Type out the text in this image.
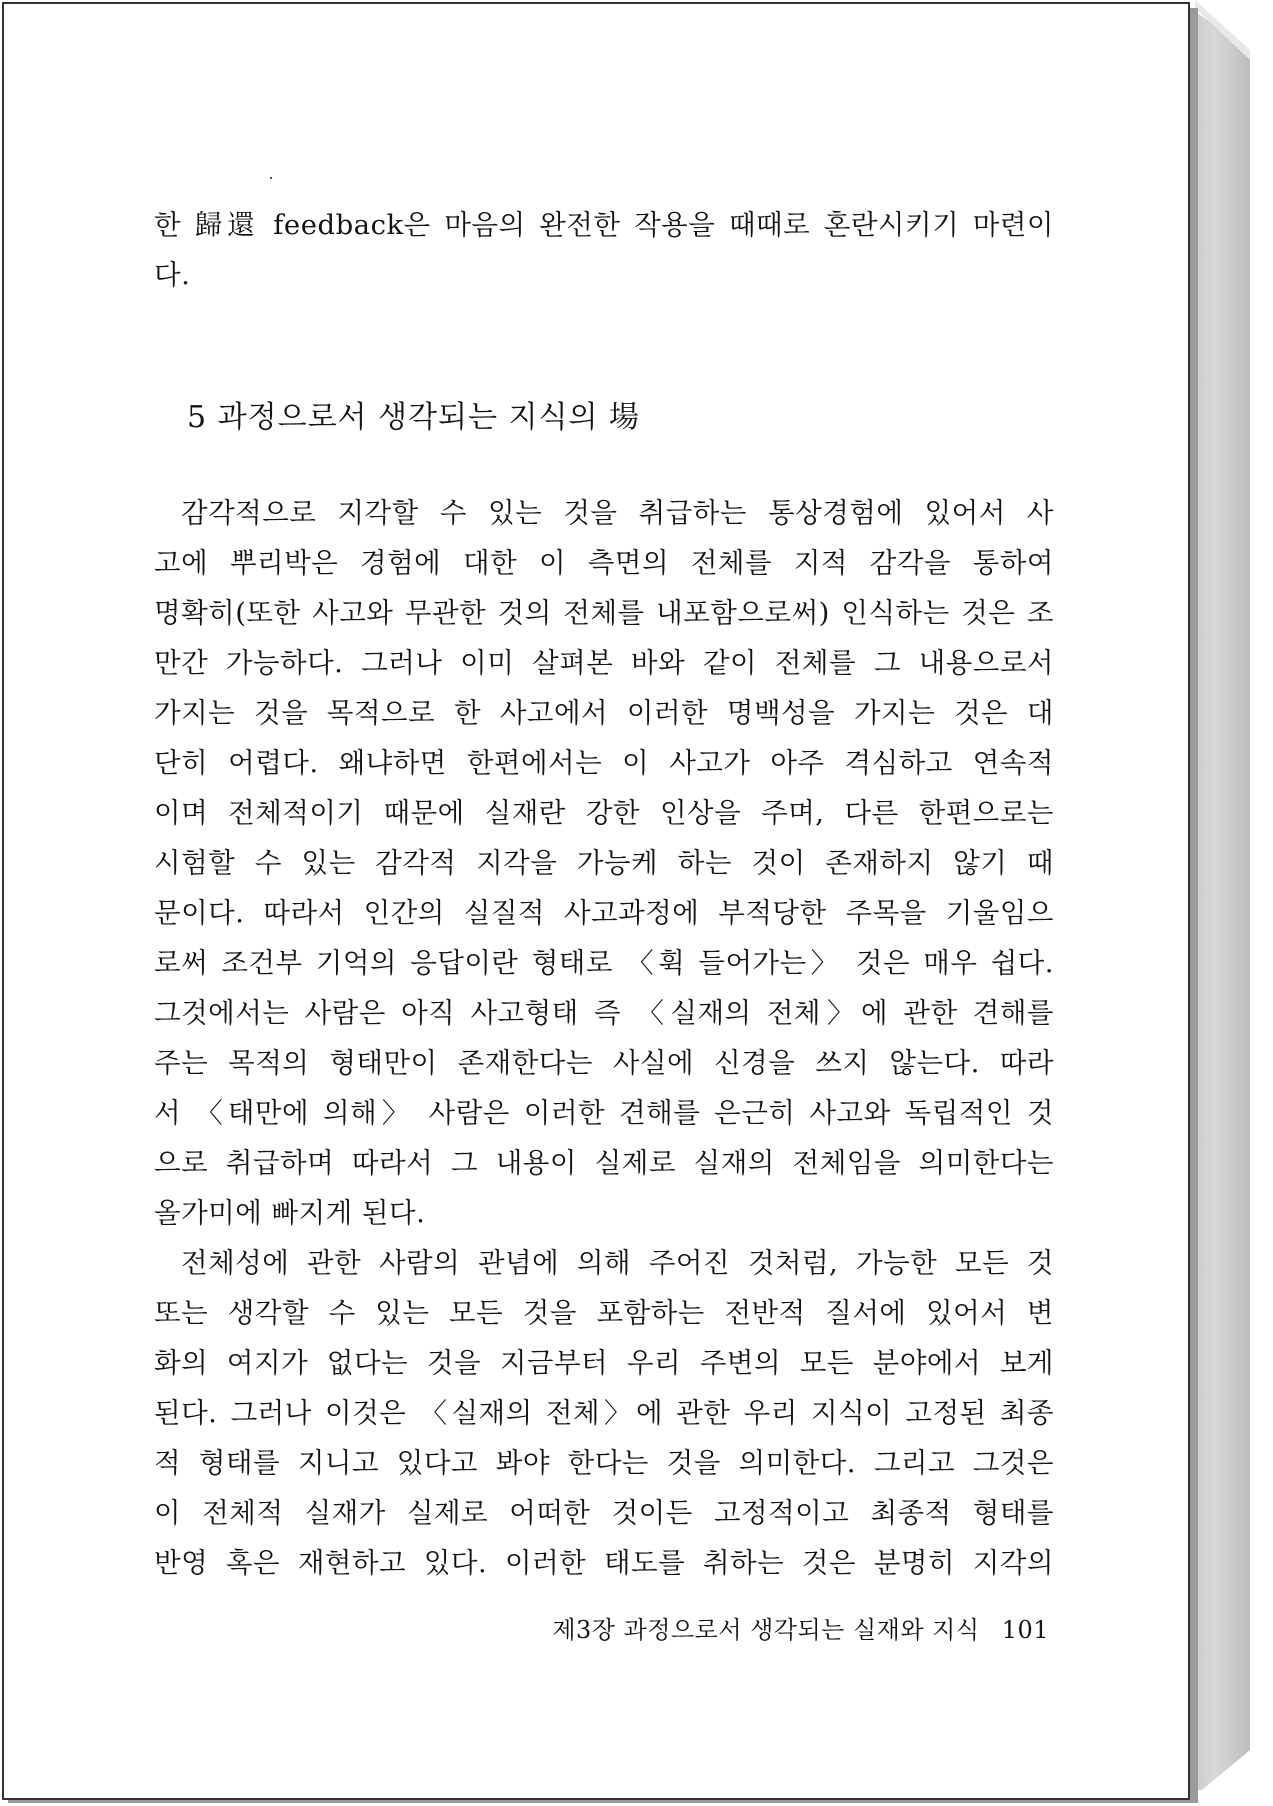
한 歸還 feedback은 마음의 완전한 작용을 때때로 혼란시키기 마련이
다.
5 과정으로서 생각되는 지식의 場
감각적으로 지각할 수 있는 것을 취급하는 통상경험에 있어서 사
고에 뿌리박은 경험에 대한 이 측면의 전체를 지적 감각을 통하여
명확히(또한 사고와 무관한 것의 전체를 내포함으로써) 인식하는 것은 조
만간 가능하다. 그러나 이미 살펴본 바와 같이 전체를 그 내용으로서
가지는 것을 목적으로 한 사고에서 이러한 명백성을 가지는 것은 대
단히 어렵다. 왜냐하면 한편에서는 이 사고가 아주 격심하고 연속적
이며 전체적이기 때문에 실재란 강한 인상을 주며, 다른 한편으로는
시험할 수 있는 감각적 지각을 가능케 하는 것이 존재하지 않기 때
문이다. 따라서 인간의 실질적 사고과정에 부적당한 주목을 기울임으
로써 조건부 기억의 응답이란 형태로 〈휙 들어가는〉 것은 매우 쉽다.
그것에서는 사람은 아직 사고형태 즉 〈실재의 전체〉에 관한 견해를
주는 목적의 형태만이 존재한다는 사실에 신경을 쓰지 않는다. 따라
서 〈태만에 의해〉 사람은 이러한 견해를 은근히 사고와 독립적인 것
으로 취급하며 따라서 그 내용이 실제로 실재의 전체임을 의미한다는
올가미에 빠지게 된다.
전체성에 관한 사람의 관념에 의해 주어진 것처럼, 가능한 모든 것
또는 생각할 수 있는 모든 것을 포함하는 전반적 질서에 있어서 변
화의 여지가 없다는 것을 지금부터 우리 주변의 모든 분야에서 보게
된다. 그러나 이것은 〈실재의 전체〉에 관한 우리 지식이 고정된 최종
적 형태를 지니고 있다고 봐야 한다는 것을 의미한다. 그리고 그것은
이 전체적 실재가 실제로 어떠한 것이든 고정적이고 최종적 형태를
반영 혹은 재현하고 있다. 이러한 태도를 취하는 것은 분명히 지각의
제3장 과정으로서 생각되는 실재와 지식 101
